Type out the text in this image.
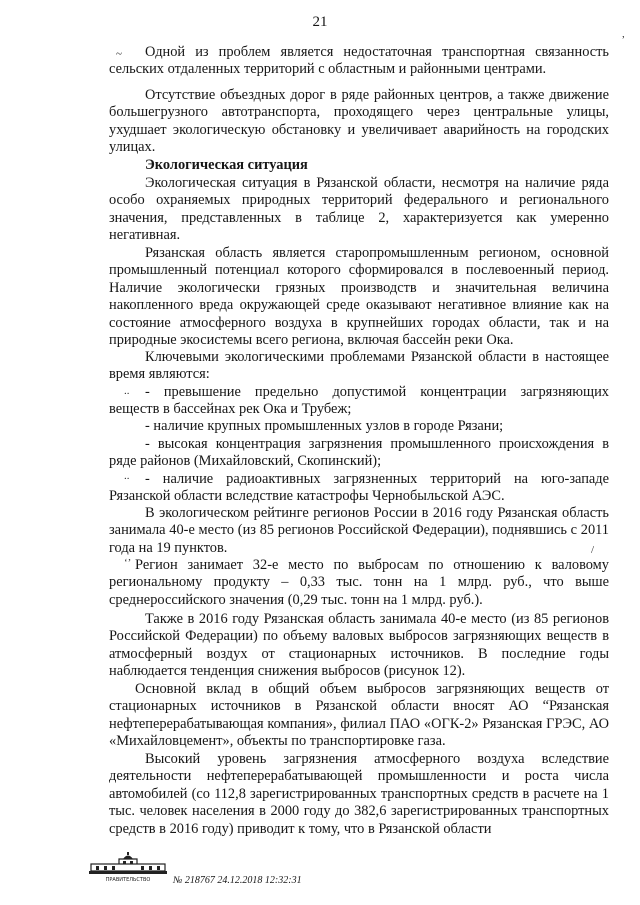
21
,
~	Одной из проблем является недостаточная транспортная связанность сельских отдаленных территорий с областным и районными центрами.

Отсутствие объездных дорог в ряде районных центров, а также движение большегрузного автотранспорта, проходящего через центральные улицы, ухудшает экологическую обстановку и увеличивает аварийность на городских улицах.

Экологическая ситуация

Экологическая ситуация в Рязанской области, несмотря на наличие ряда особо охраняемых природных территорий федерального и регионального значения, представленных в таблице 2, характеризуется как умеренно негативная.

Рязанская область является старопромышленным регионом, основной промышленный потенциал которого сформировался в послевоенный период. Наличие экологически грязных производств и значительная величина накопленного вреда окружающей среде оказывают негативное влияние как на состояние атмосферного воздуха в крупнейших городах области, так и на природные экосистемы всего региона, включая бассейн реки Ока.

Ключевыми экологическими проблемами Рязанской области в настоящее время являются:

..	- превышение предельно допустимой концентрации загрязняющих веществ в бассейнах рек Ока и Трубеж;

- наличие крупных промышленных узлов в городе Рязани;

- высокая концентрация загрязнения промышленного происхождения в ряде районов (Михайловский, Скопинский);

..	- наличие радиоактивных загрязненных территорий на юго-западе Рязанской области вследствие катастрофы Чернобыльской АЭС.

В экологическом рейтинге регионов России в 2016 году Рязанская область занимала 40-е место (из 85 регионов Российской Федерации), поднявшись с 2011 года на 19 пунктов.

‘’
/

Регион занимает 32-е место по выбросам по отношению к валовому региональному продукту – 0,33 тыс. тонн на 1 млрд. руб., что выше среднероссийского значения (0,29 тыс. тонн на 1 млрд. руб.).

Также в 2016 году Рязанская область занимала 40-е место (из 85 регионов Российской Федерации) по объему валовых выбросов загрязняющих веществ в атмосферный воздух от стационарных источников. В последние годы наблюдается тенденция снижения выбросов (рисунок 12).

Основной вклад в общий объем выбросов загрязняющих веществ от стационарных источников в Рязанской области вносят АО “Рязанская нефтеперерабатывающая компания», филиал ПАО «ОГК-2» Рязанская ГРЭС, АО «Михайловцемент», объекты по транспортировке газа.

Высокий уровень загрязнения атмосферного воздуха вследствие деятельности нефтеперерабатывающей промышленности и роста числа автомобилей (со 112,8 зарегистрированных транспортных средств в расчете на 1 тыс. человек населения в 2000 году до 382,6 зарегистрированных транспортных средств в 2016 году) приводит к тому, что в Рязанской области

ПРАВИТЕЛЬСТВО № 218767 24.12.2018 12:32:31
